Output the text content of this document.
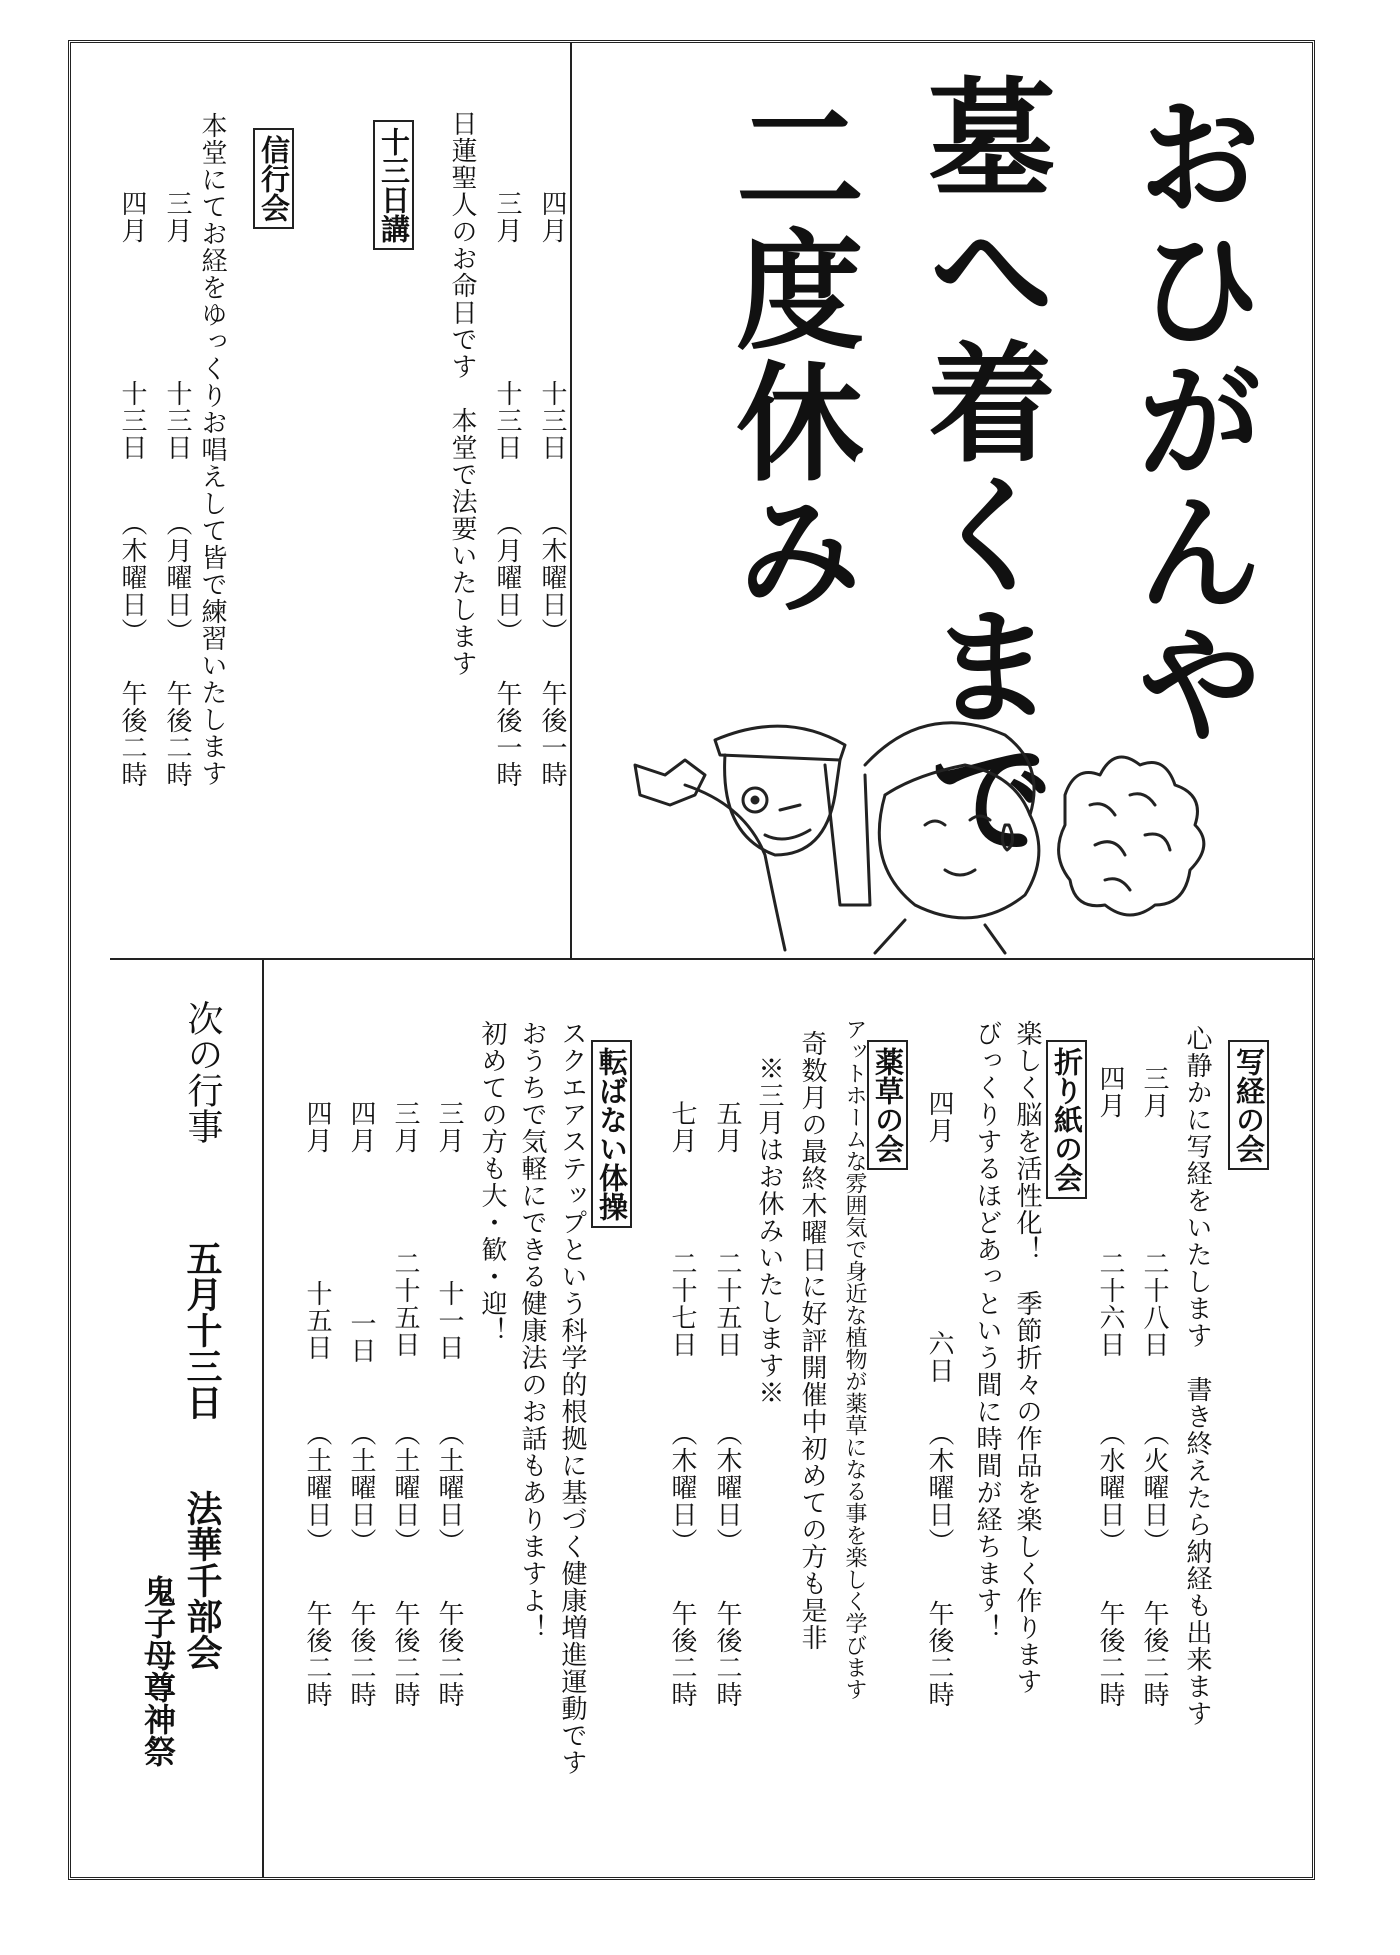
おひがんや
墓へ着くまで
二度休み

十三日講	日蓮聖人のお命日です　本堂で法要いたします 三月
十三日
（月曜日）
午後一時
四月
十三日
（木曜日）
午後一時

信行会

本堂にてお経をゆっくりお唱えして皆で練習いたします
三月
十三日
（月曜日）
午後二時
四月
十三日
（木曜日）
午後二時

写経の会

心静かに写経をいたします　書き終えたら納経も出来ます
三月
二十八日
（火曜日）
午後二時
四月
二十六日
（水曜日）
午後二時

折り紙の会

楽しく脳を活性化！　季節折々の作品を楽しく作ります
びっくりするほどあっという間に時間が経ちます！
四月
六日
（木曜日）
午後二時

薬草の会

アットホームな雰囲気で身近な植物が薬草になる事を楽しく学びます
奇数月の最終木曜日に好評開催中初めての方も是非
※三月はお休みいたします※
五月
二十五日
（木曜日）
午後二時
七月
二十七日
（木曜日）
午後二時

転ばない体操

スクエアステップという科学的根拠に基づく健康増進運動です
おうちで気軽にできる健康法のお話もありますよ！
初めての方も大・歓・迎！
三月
十一日
（土曜日）
午後二時
三月
二十五日
（土曜日）
午後二時
四月
一日
（土曜日）
午後二時
四月
十五日
（土曜日）
午後二時
次の行事
五月十三日
法華千部会
鬼子母尊神祭
